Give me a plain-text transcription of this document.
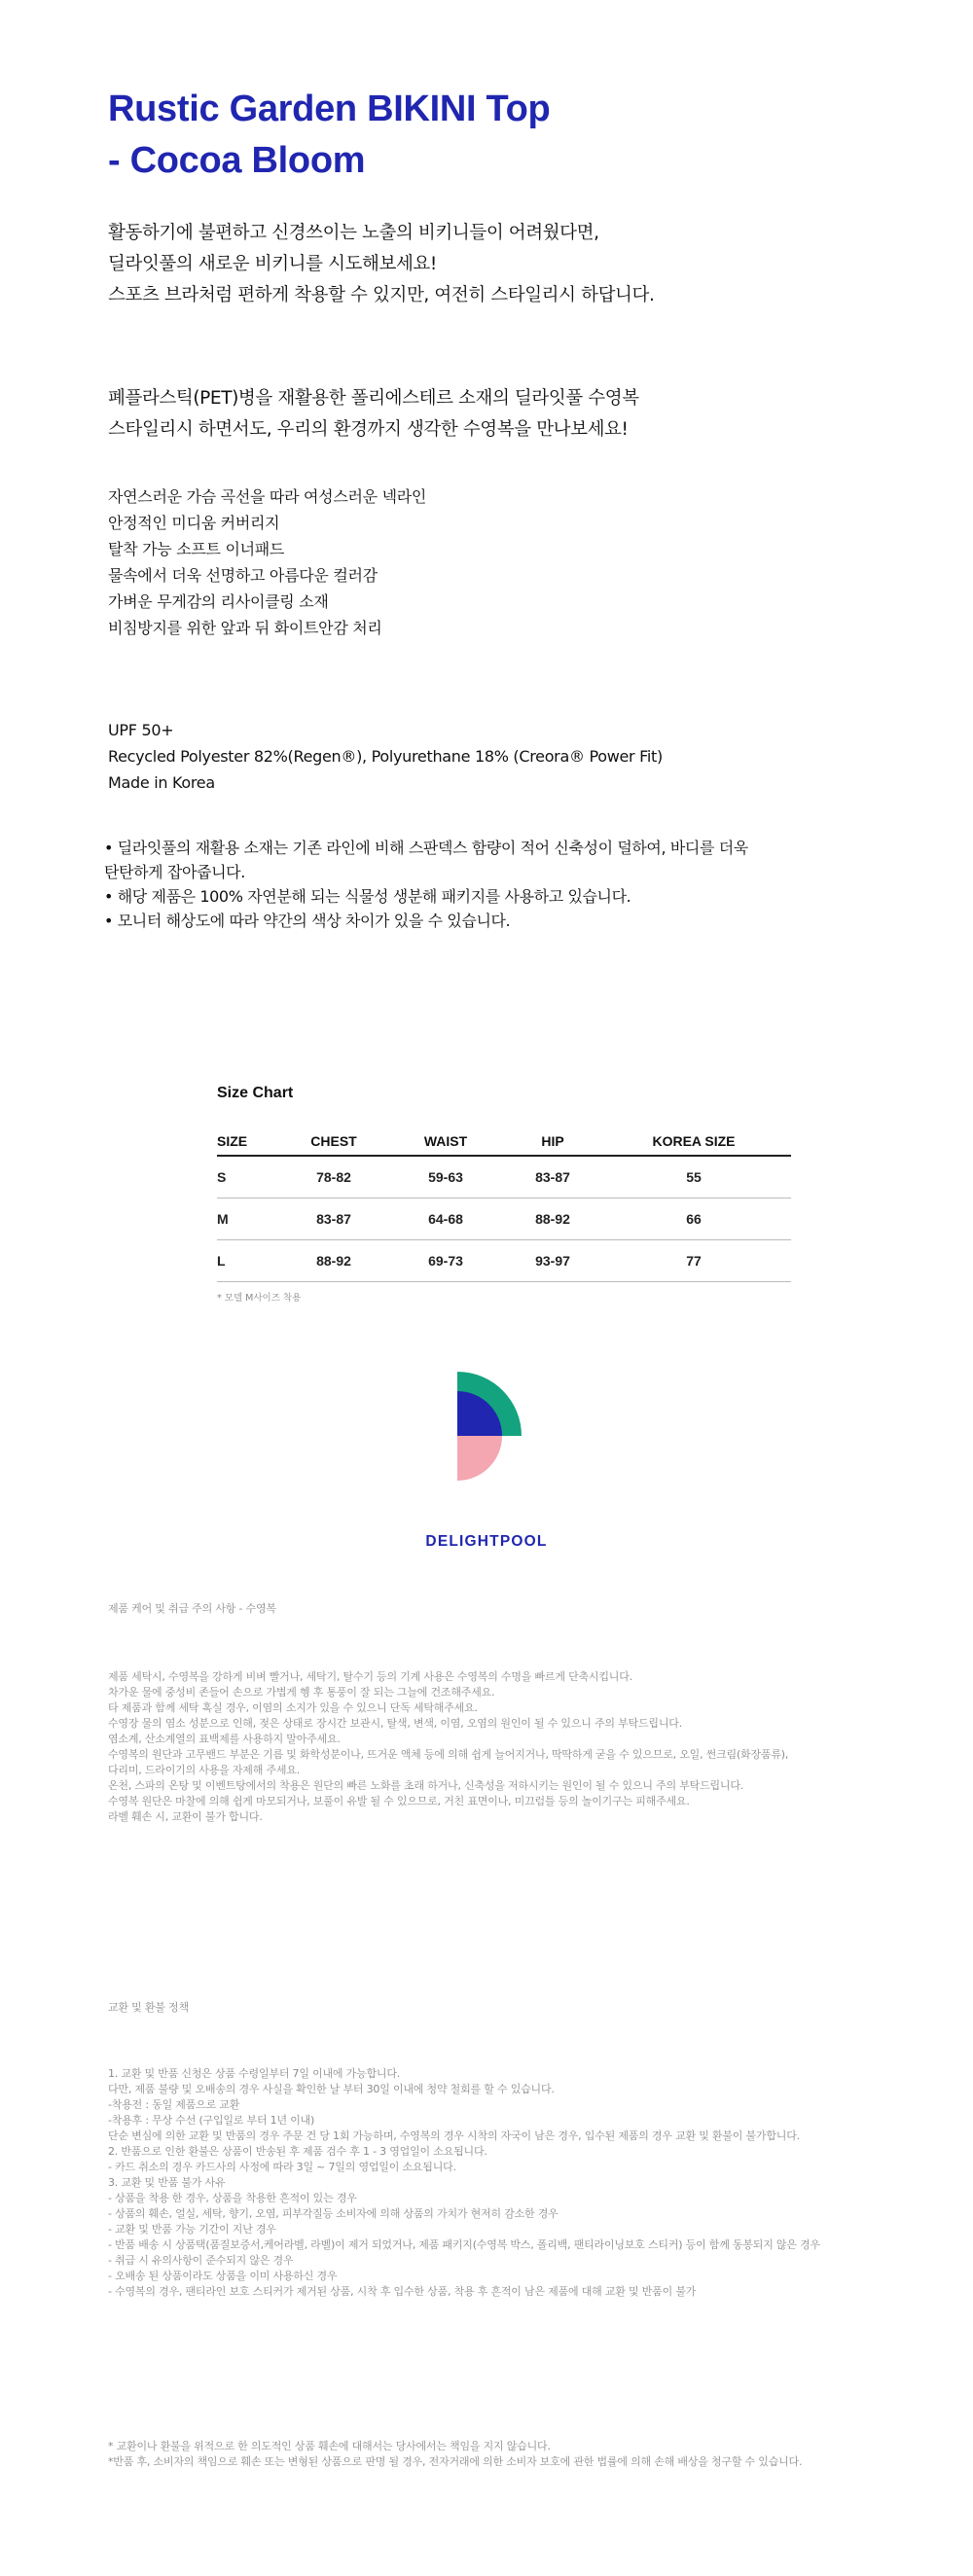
Rustic Garden BIKINI Top
- Cocoa Bloom
활동하기에 불편하고 신경쓰이는 노출의 비키니들이 어려웠다면,
딜라잇풀의 새로운 비키니를 시도해보세요!
스포츠 브라처럼 편하게 착용할 수 있지만, 여전히 스타일리시 하답니다.
폐플라스틱(PET)병을 재활용한 폴리에스테르 소재의 딜라잇풀 수영복
스타일리시 하면서도, 우리의 환경까지 생각한 수영복을 만나보세요!
자연스러운 가슴 곡선을 따라 여성스러운 넥라인
안정적인 미디움 커버리지
탈착 가능 소프트 이너패드
물속에서 더욱 선명하고 아름다운 컬러감
가벼운 무게감의 리사이클링 소재
비침방지를 위한 앞과 뒤 화이트안감 처리
UPF 50+
Recycled Polyester 82%(Regen®), Polyurethane 18% (Creora® Power Fit)
Made in Korea
• 딜라잇풀의 재활용 소재는 기존 라인에 비해 스판덱스 함량이 적어 신축성이 덜하여, 바디를 더욱
탄탄하게 잡아줍니다.
• 해당 제품은 100% 자연분해 되는 식물성 생분해 패키지를 사용하고 있습니다.
• 모니터 해상도에 따라 약간의 색상 차이가 있을 수 있습니다.
Size Chart
SIZE	CHEST	WAIST	HIP	KOREA SIZE
S	78-82	59-63	83-87	55
M	83-87	64-68	88-92	66
L	88-92	69-73	93-97	77
* 모델 M사이즈 착용
DELIGHTPOOL
제품 케어 및 취급 주의 사항 - 수영복
제품 세탁시, 수영복을 강하게 비벼 빨거나, 세탁기, 탈수기 등의 기계 사용은 수영복의 수명을 빠르게 단축시킵니다.
차가운 물에 중성비 존들어 손으로 가볍게 헹 후 통풍이 잘 되는 그늘에 건조해주세요.
타 제품과 함께 세탁 혹실 경우, 이염의 소지가 있을 수 있으니 단독 세탁해주세요.
수영장 물의 염소 성분으로 인해, 젖은 상태로 장시간 보관시, 탈색, 변색, 이염, 오염의 원인이 될 수 있으니 주의 부탁드립니다.
염소계, 산소계열의 표백제를 사용하지 말아주세요.
수영복의 원단과 고무밴드 부분은 기름 및 화학성분이나, 뜨거운 액체 등에 의해 쉽게 늘어지거나, 딱딱하게 굳을 수 있으므로, 오일, 썬크림(화장품류),
다리미, 드라이기의 사용을 자제해 주세요.
온천, 스파의 온탕 및 이벤트탕에서의 착용은 원단의 빠른 노화를 초래 하거나, 신축성을 저하시키는 원인이 될 수 있으니 주의 부탁드립니다.
수영복 원단은 마찰에 의해 쉽게 마모되거나, 보풀이 유발 될 수 있으므로, 거친 표면이나, 미끄럼틀 등의 놀이기구는 피해주세요.
라벨 훼손 시, 교환이 불가 합니다.
교환 및 환불 정책
1. 교환 및 반품 신청은 상품 수령일부터 7일 이내에 가능합니다.
다만, 제품 불량 및 오배송의 경우 사실을 확인한 날 부터 30일 이내에 청약 철회를 할 수 있습니다.
-착용전 : 동일 제품으로 교환
-착용후 : 무상 수선 (구입일로 부터 1년 이내)
단순 변심에 의한 교환 및 반품의 경우 주문 건 당 1회 가능하며, 수영복의 경우 시착의 자국이 남은 경우, 입수된 제품의 경우 교환 및 환불이 불가합니다.
2. 반품으로 인한 환불은 상품이 반송된 후 제품 검수 후 1 - 3 영업일이 소요됩니다.
- 카드 취소의 경우 카드사의 사정에 따라 3일 ~ 7일의 영업일이 소요됩니다.
3. 교환 및 반품 불가 사유
- 상품을 착용 한 경우, 상품을 착용한 흔적이 있는 경우
- 상품의 훼손, 얼실, 세탁, 향기, 오염, 피부각질등 소비자에 의해 상품의 가치가 현저히 감소한 경우
- 교환 및 반품 가능 기간이 지난 경우
- 반품 배송 시 상품택(품질보증서,케어라벨, 라벨)이 제거 되었거나, 제품 패키지(수영복 박스, 폴리백, 팬티라이닝보호 스티커) 등이 함께 동봉되지 않은 경우
- 취급 시 유의사항이 준수되지 않은 경우
- 오배송 된 상품이라도 상품을 이미 사용하신 경우
- 수영복의 경우, 팬티라인 보호 스티커가 제거된 상품, 시착 후 입수한 상품, 착용 후 흔적이 남은 제품에 대해 교환 및 반품이 불가
* 교환이나 환불을 위적으로 한 의도적인 상품 훼손에 대해서는 당사에서는 책임을 지지 않습니다.
*반품 후, 소비자의 책임으로 훼손 또는 변형된 상품으로 판명 될 경우, 전자거래에 의한 소비자 보호에 관한 법률에 의해 손해 배상을 청구할 수 있습니다.
